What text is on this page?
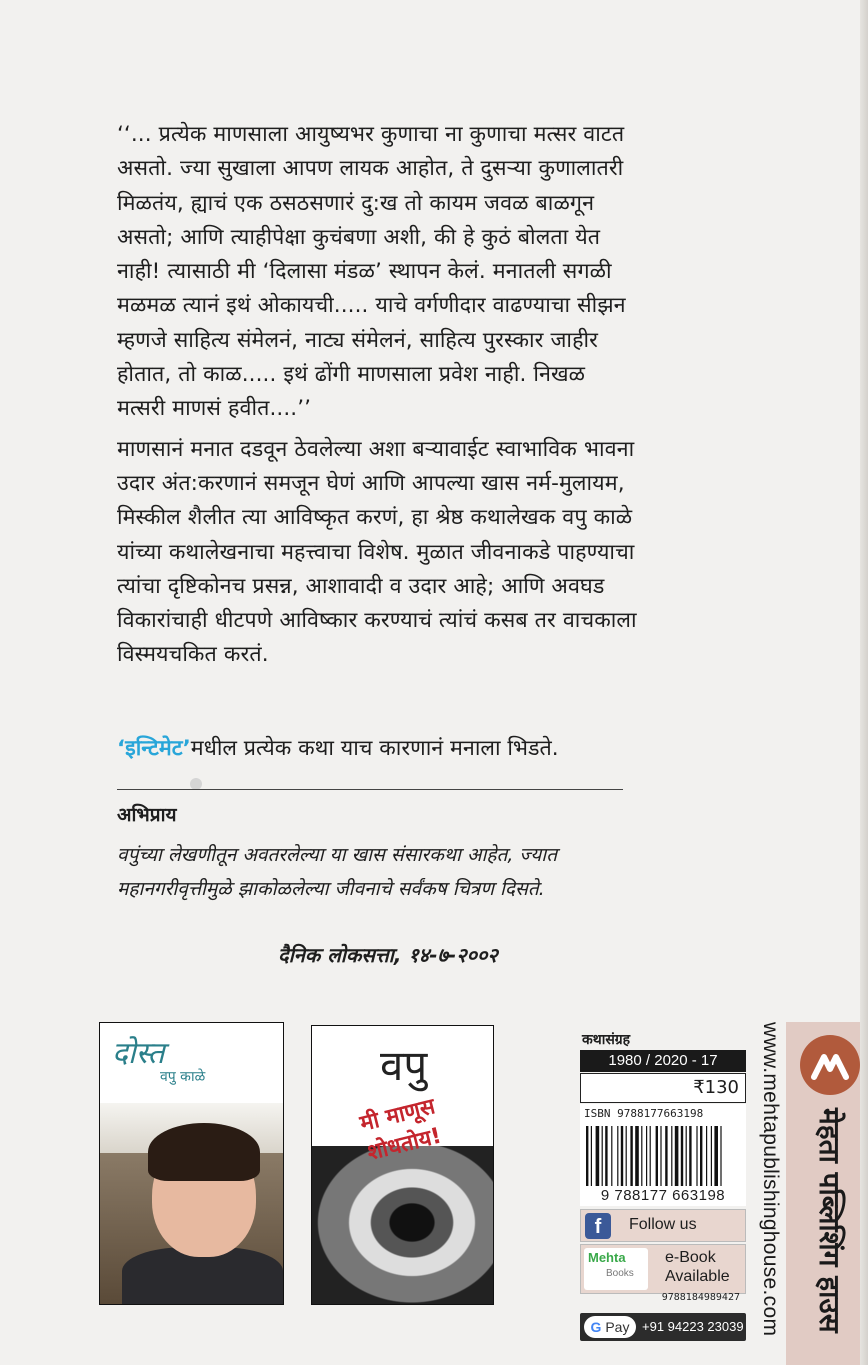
‘‘... प्रत्येक माणसाला आयुष्यभर कुणाचा ना कुणाचा मत्सर वाटत असतो. ज्या सुखाला आपण लायक आहोत, ते दुसऱ्या कुणालातरी मिळतंय, ह्याचं एक ठसठसणारं दु:ख तो कायम जवळ बाळगून असतो; आणि त्याहीपेक्षा कुचंबणा अशी, की हे कुठं बोलता येत नाही! त्यासाठी मी ‘दिलासा मंडळ’ स्थापन केलं. मनातली सगळी मळमळ त्यानं इथं ओकायची..... याचे वर्गणीदार वाढण्याचा सीझन म्हणजे साहित्य संमेलनं, नाट्य संमेलनं, साहित्य पुरस्कार जाहीर होतात, तो काळ..... इथं ढोंगी माणसाला प्रवेश नाही. निखळ मत्सरी माणसं हवीत....’’

माणसानं मनात दडवून ठेवलेल्या अशा बऱ्यावाईट स्वाभाविक भावना उदार अंत:करणानं समजून घेणं आणि आपल्या खास नर्म-मुलायम, मिस्कील शैलीत त्या आविष्कृत करणं, हा श्रेष्ठ कथालेखक वपु काळे यांच्या कथालेखनाचा महत्त्वाचा विशेष. मुळात जीवनाकडे पाहण्याचा त्यांचा दृष्टिकोनच प्रसन्न, आशावादी व उदार आहे; आणि अवघड विकारांचाही धीटपणे आविष्कार करण्याचं त्यांचं कसब तर वाचकाला विस्मयचकित करतं.

‘इन्टिमेट’मधील प्रत्येक कथा याच कारणानं मनाला भिडते.
अभिप्राय
वपुंच्या लेखणीतून अवतरलेल्या या खास संसारकथा आहेत, ज्यात महानगरीवृत्तीमुळे झाकोळलेल्या जीवनाचे सर्वंकष चित्रण दिसते.
दैनिक लोकसत्ता, १४-७-२००२
दोस्त
वपु काळे	वपु
मी माणूस शोधतोय!
कथासंग्रह
1980 / 2020 - 17
₹130
ISBN 9788177663198
9 788177 663198
f	Follow us
Mehta
Books
e-Book
Available
9788184989427
G Pay +91 94223 23039 www.mehtapublishinghouse.com मेहता पब्लिशिंग हाउस
